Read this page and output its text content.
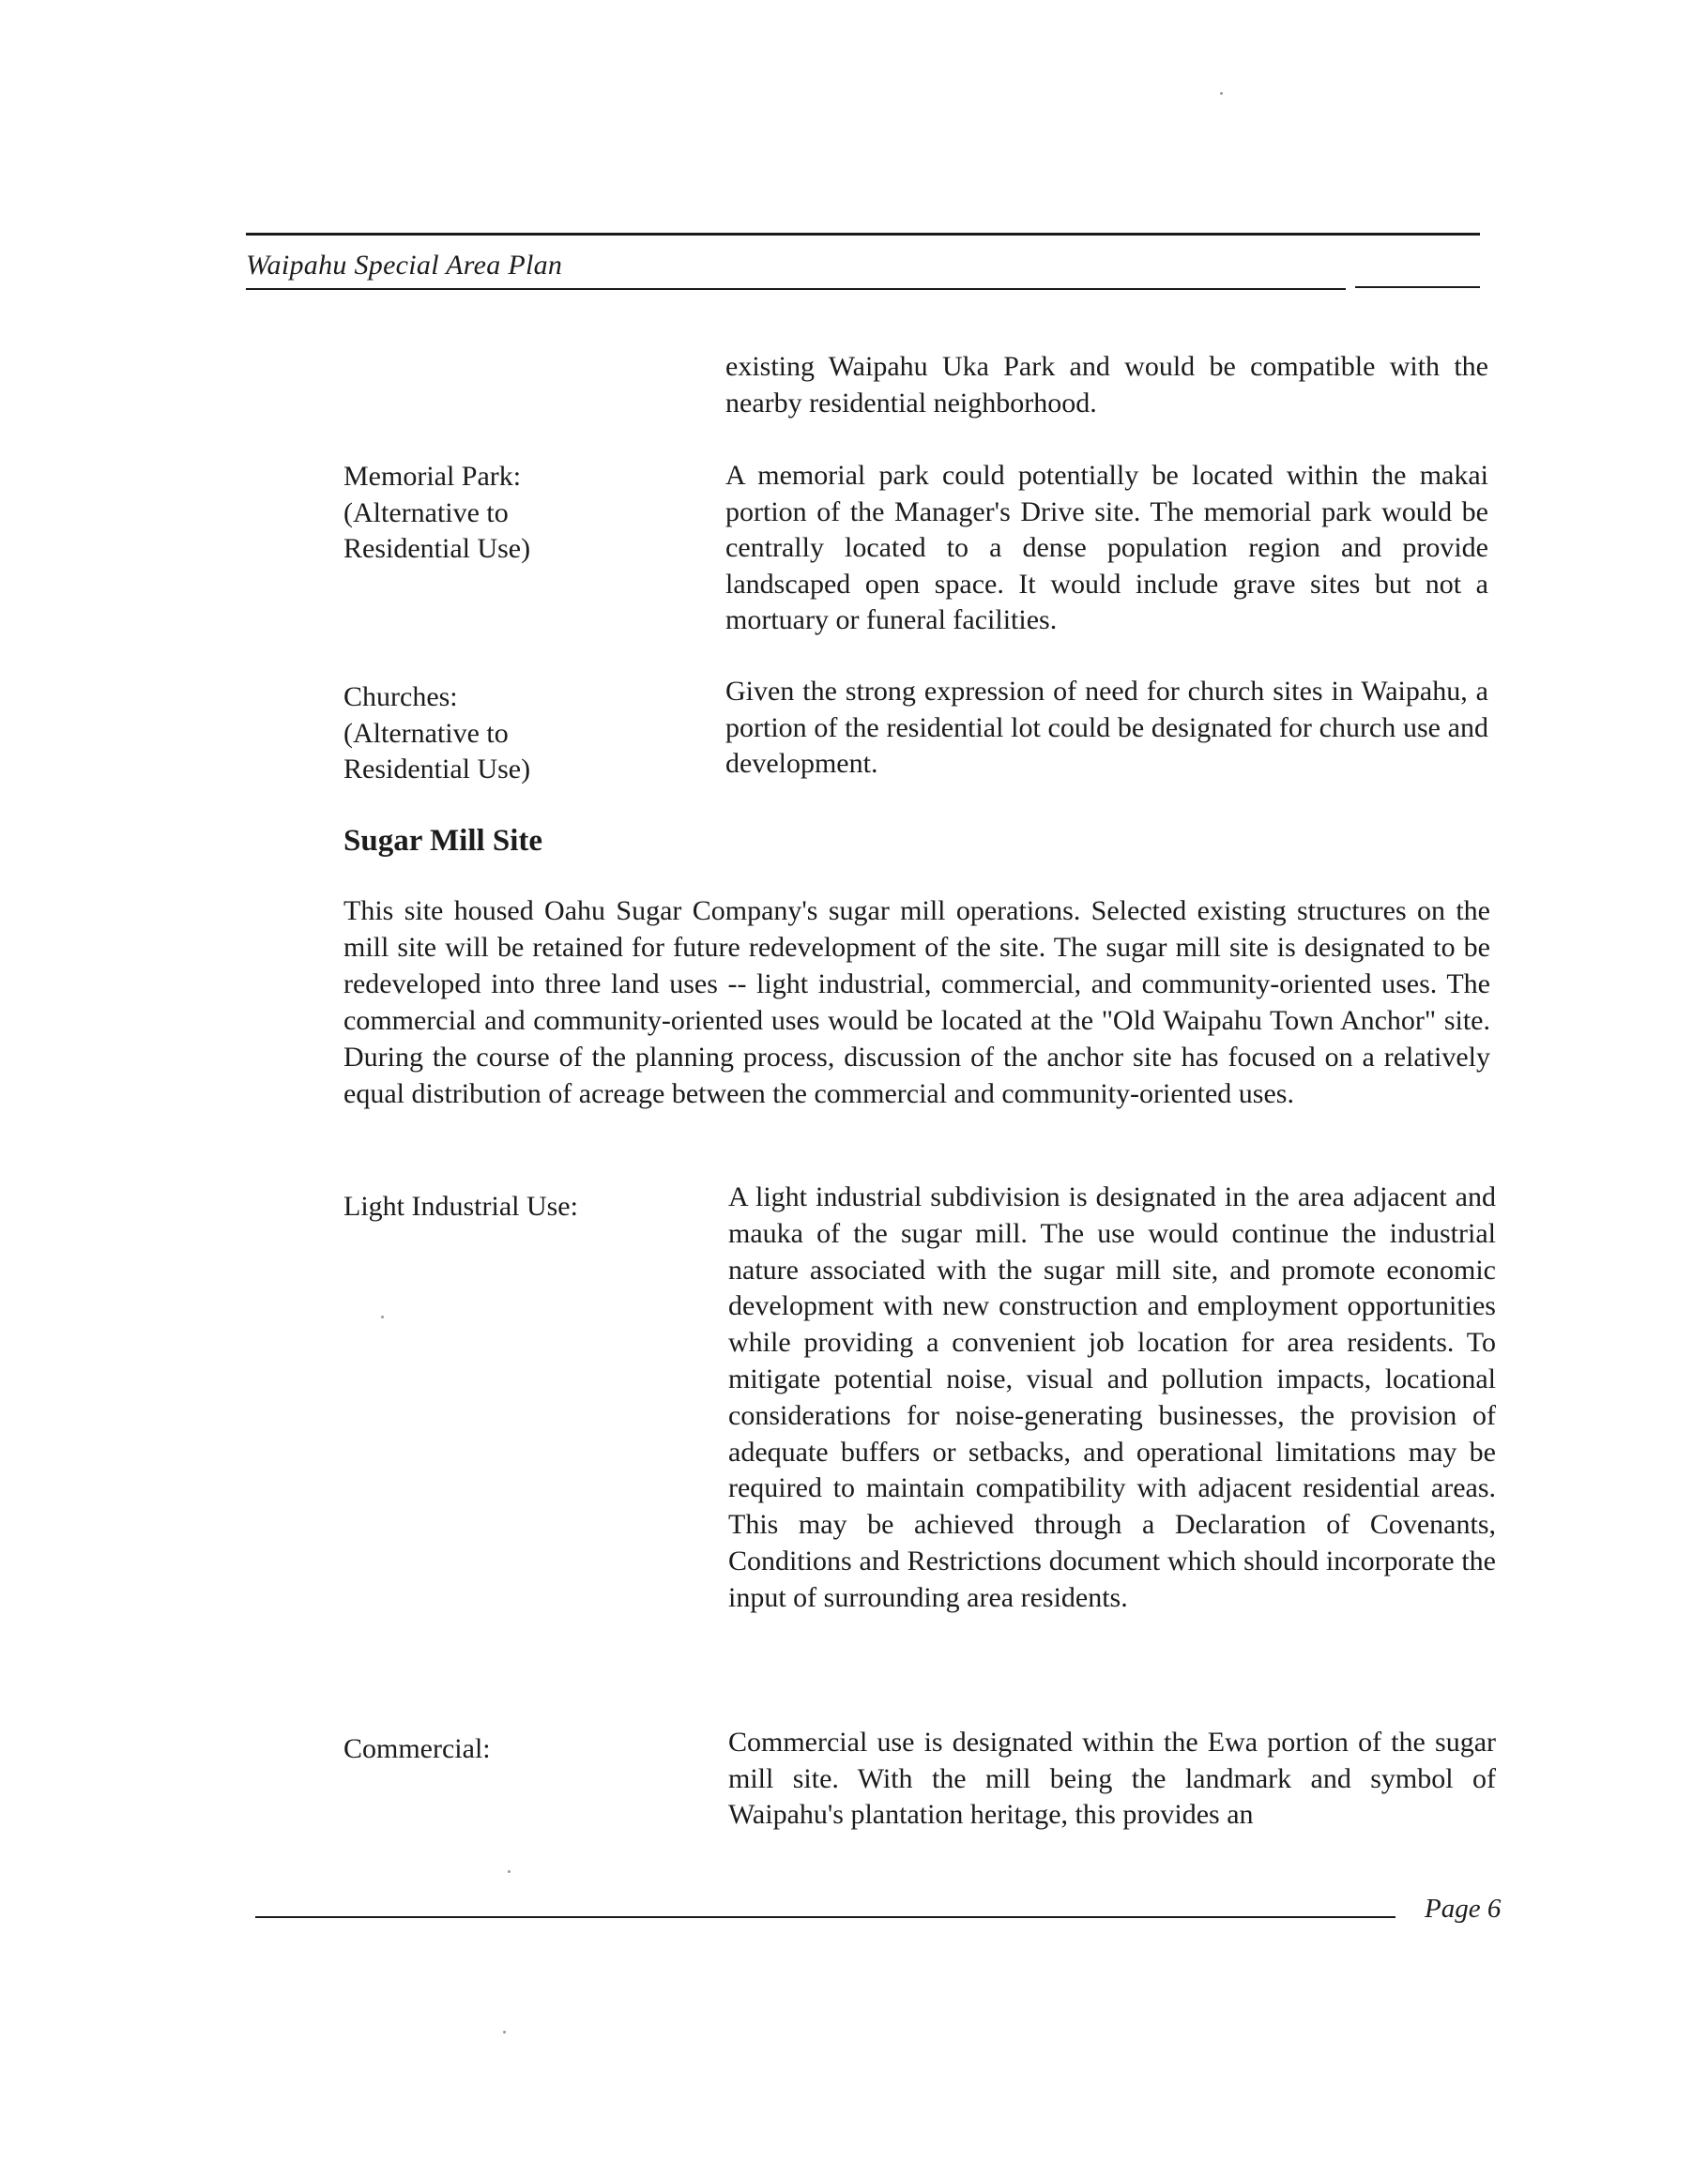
Waipahu Special Area Plan
existing Waipahu Uka Park and would be compatible with the nearby residential neighborhood.
Memorial Park:
(Alternative to
Residential Use)
A memorial park could potentially be located within the makai portion of the Manager's Drive site. The memorial park would be centrally located to a dense population region and provide landscaped open space. It would include grave sites but not a mortuary or funeral facilities.
Churches:
(Alternative to
Residential Use)
Given the strong expression of need for church sites in Waipahu, a portion of the residential lot could be designated for church use and development.
Sugar Mill Site
This site housed Oahu Sugar Company's sugar mill operations. Selected existing structures on the mill site will be retained for future redevelopment of the site. The sugar mill site is designated to be redeveloped into three land uses -- light industrial, commercial, and community-oriented uses. The commercial and community-oriented uses would be located at the "Old Waipahu Town Anchor" site. During the course of the planning process, discussion of the anchor site has focused on a relatively equal distribution of acreage between the commercial and community-oriented uses.
Light Industrial Use:	A light industrial subdivision is designated in the area adjacent and mauka of the sugar mill. The use would continue the industrial nature associated with the sugar mill site, and promote economic development with new construction and employment opportunities while providing a convenient job location for area residents. To mitigate potential noise, visual and pollution impacts, locational considerations for noise-generating businesses, the provision of adequate buffers or setbacks, and operational limitations may be required to maintain compatibility with adjacent residential areas. This may be achieved through a Declaration of Covenants, Conditions and Restrictions document which should incorporate the input of surrounding area residents.
Commercial:	Commercial use is designated within the Ewa portion of the sugar mill site. With the mill being the landmark and symbol of Waipahu's plantation heritage, this provides an
Page 6
